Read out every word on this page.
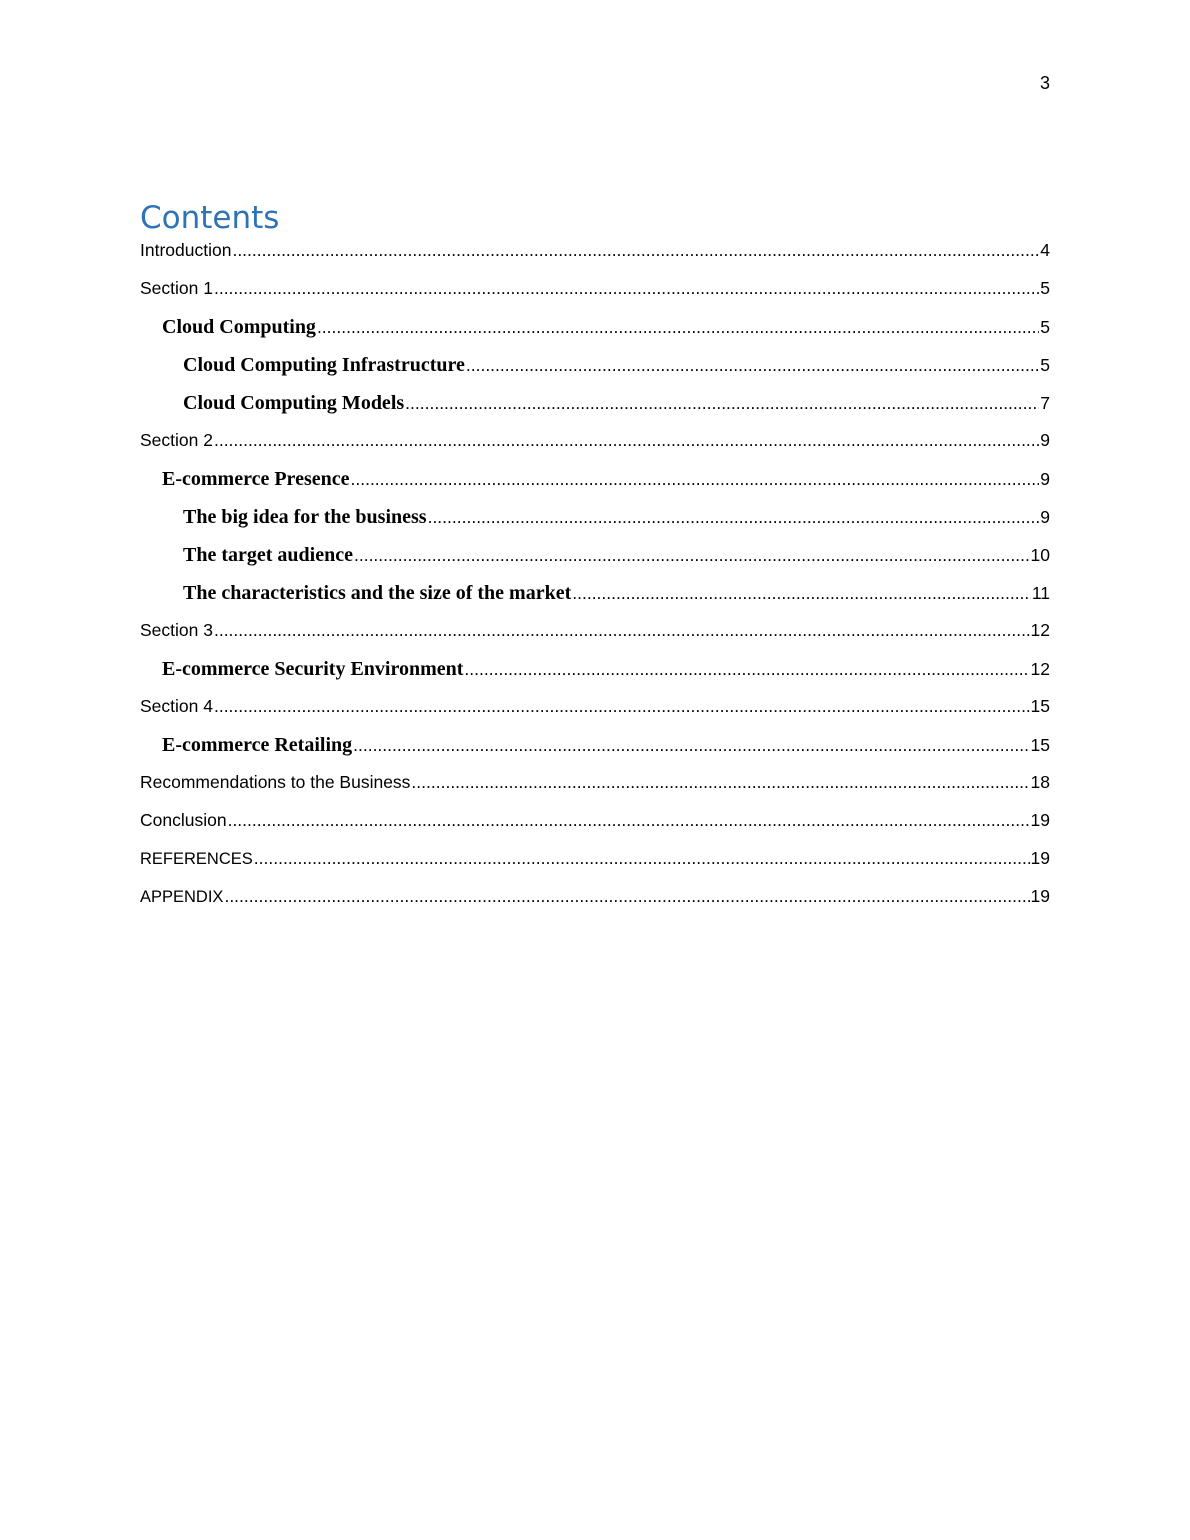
3
Contents
Introduction .....	4
Section 1 .....	5
Cloud Computing .....	5
Cloud Computing Infrastructure .....	5
Cloud Computing Models .....	7
Section 2 .....	9
E-commerce Presence .....	9
The big idea for the business .....	9
The target audience .....	10
The characteristics and the size of the market .....	11
Section 3 .....	12
E-commerce Security Environment .....	12
Section 4 .....	15
E-commerce Retailing .....	15
Recommendations to the Business .....	18
Conclusion .....	19
REFERENCES .....	19
APPENDIX .....	19
